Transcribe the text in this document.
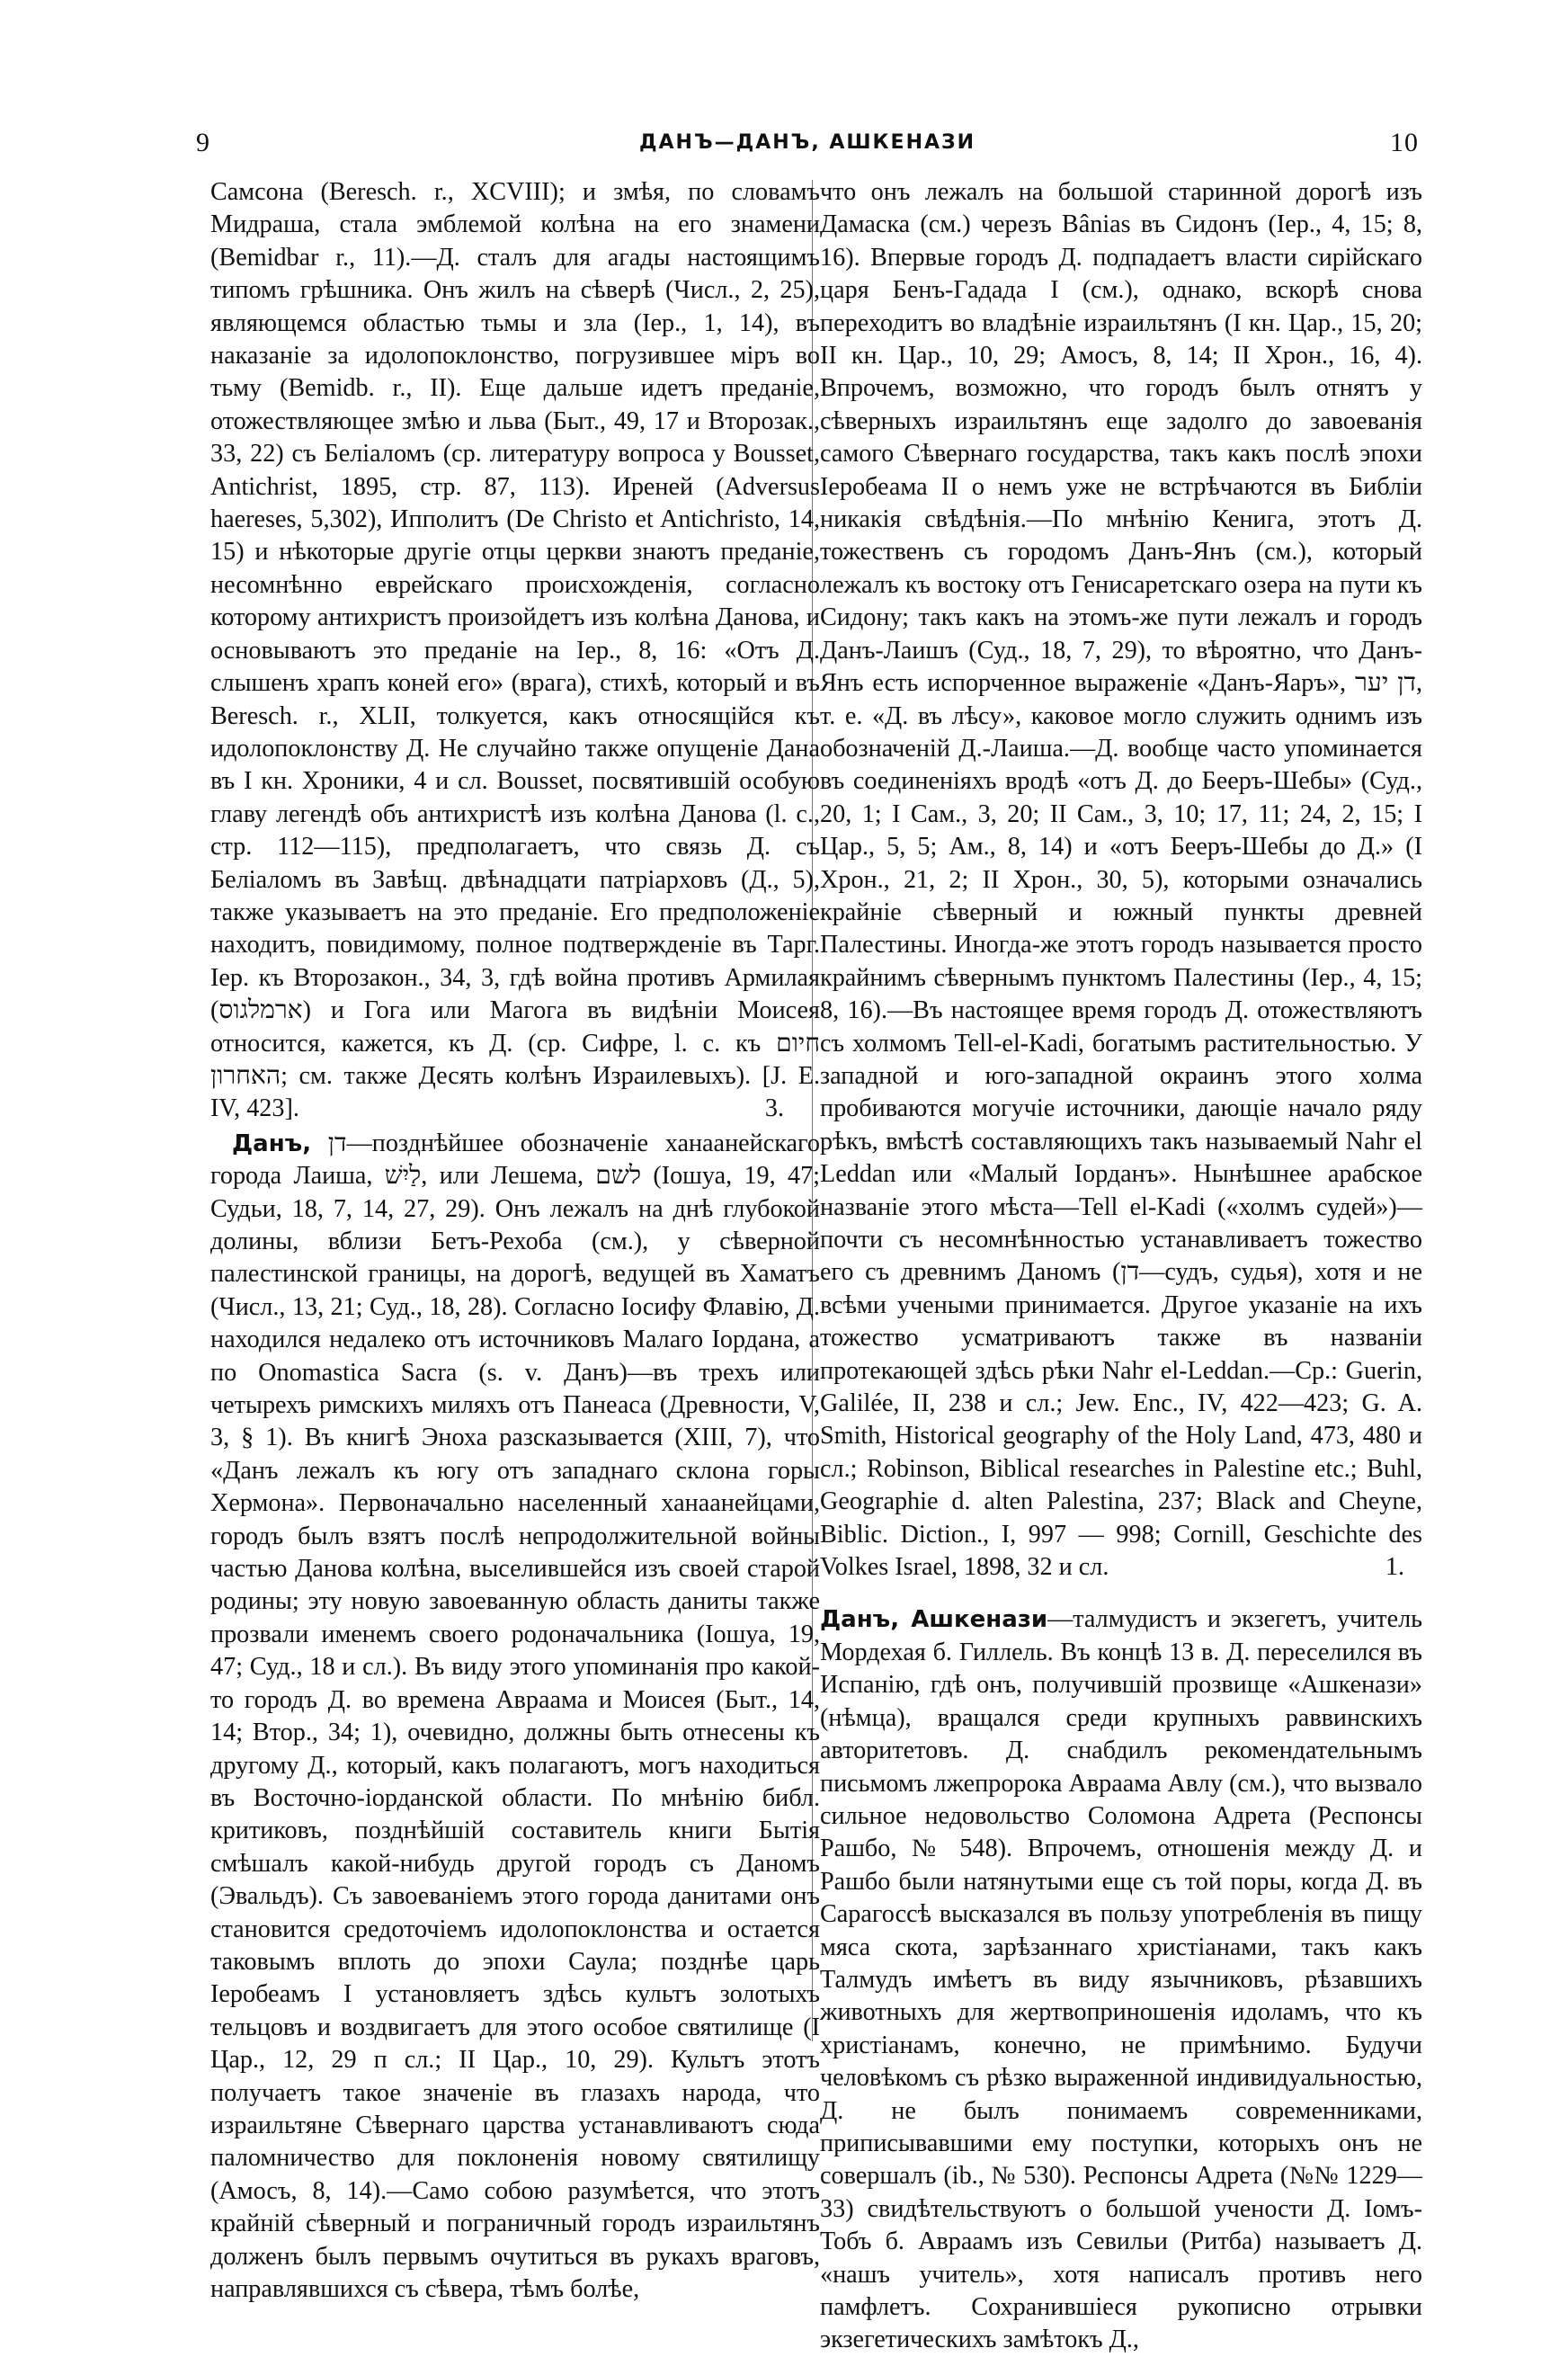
9	ДАНЪ—ДАНЪ, АШКЕНАЗИ	10

Самсона (Beresch. r., XCVIII); и змѣя, по словамъ Мидраша, стала эмблемой колѣна на его знамени (Bemidbar r., 11).—Д. сталъ для агады настоящимъ типомъ грѣшника. Онъ жилъ на сѣверѣ (Числ., 2, 25), являющемся областью тьмы и зла (Іер., 1, 14), въ наказаніе за идолопоклонство, погрузившее міръ во тьму (Bemidb. r., II). Еще дальше идетъ преданіе, отожествляющее змѣю и льва (Быт., 49, 17 и Второзак., 33, 22) съ Беліаломъ (ср. литературу вопроса у Bousset, Antichrist, 1895, стр. 87, 113). Иреней (Adversus haereses, 5,302), Ипполитъ (De Christo et Antichristo, 14, 15) и нѣкоторые другіе отцы церкви знаютъ преданіе, несомнѣнно еврейскаго происхожденія, согласно которому антихристъ произойдетъ изъ колѣна Данова, и основываютъ это преданіе на Іер., 8, 16: «Отъ Д. слышенъ храпъ коней его» (врага), стихѣ, который и въ Beresch. r., XLII, толкуется, какъ относящійся къ идолопоклонству Д. Не случайно также опущеніе Дана въ I кн. Хроники, 4 и сл. Bousset, посвятившій особую главу легендѣ объ антихристѣ изъ колѣна Данова (l. c., стр. 112—115), предполагаетъ, что связь Д. съ Беліаломъ въ Завѣщ. двѣнадцати патріарховъ (Д., 5), также указываетъ на это преданіе. Его предположеніе находитъ, повидимому, полное подтвержденіе въ Тарг. Іер. къ Второзакон., 34, 3, гдѣ война противъ Армилая (ארמלגוס) и Гога или Магога въ видѣніи Моисея относится, кажется, къ Д. (ср. Сифре, l. c. къ חיום האחרון; см. также Десять колѣнъ Израилевыхъ). [J. E. IV, 423].	3.

Данъ, דן—позднѣйшее обозначеніе ханаанейскаго города Лаиша, לַיִשׁ, или Лешема, לשם (Іошуа, 19, 47; Судьи, 18, 7, 14, 27, 29). Онъ лежалъ на днѣ глубокой долины, вблизи Бетъ-Рехоба (см.), у сѣверной палестинской границы, на дорогѣ, ведущей въ Хаматъ (Числ., 13, 21; Суд., 18, 28). Согласно Іосифу Флавію, Д. находился недалеко отъ источниковъ Малаго Іордана, а по Onomastica Sacra (s. v. Данъ)—въ трехъ или четырехъ римскихъ миляхъ отъ Панеаса (Древности, V, 3, § 1). Въ книгѣ Эноха разсказывается (XIII, 7), что «Данъ лежалъ къ югу отъ западнаго склона горы Хермона». Первоначально населенный ханаанейцами, городъ былъ взятъ послѣ непродолжительной войны частью Данова колѣна, выселившейся изъ своей старой родины; эту новую завоеванную область даниты также прозвали именемъ своего родоначальника (Іошуа, 19, 47; Суд., 18 и сл.). Въ виду этого упоминанія про какой-то городъ Д. во времена Авраама и Моисея (Быт., 14, 14; Втор., 34; 1), очевидно, должны быть отнесены къ другому Д., который, какъ полагаютъ, могъ находиться въ Восточно-іорданской области. По мнѣнію библ. критиковъ, позднѣйшій составитель книги Бытія смѣшалъ какой-нибудь другой городъ съ Даномъ (Эвальдъ). Съ завоеваніемъ этого города данитами онъ становится средоточіемъ идолопоклонства и остается таковымъ вплоть до эпохи Саула; позднѣе царь Іеробеамъ I установляетъ здѣсь культъ золотыхъ тельцовъ и воздвигаетъ для этого особое святилище (I Цар., 12, 29 п сл.; II Цар., 10, 29). Культъ этотъ получаетъ такое значеніе въ глазахъ народа, что израильтяне Сѣвернаго царства устанавливаютъ сюда паломничество для поклоненія новому святилищу (Амосъ, 8, 14).—Само собою разумѣется, что этотъ крайній сѣверный и пограничный городъ израильтянъ долженъ былъ первымъ очутиться въ рукахъ враговъ, направлявшихся съ сѣвера, тѣмъ болѣе,

что онъ лежалъ на большой старинной дорогѣ изъ Дамаска (см.) черезъ Bânias въ Сидонъ (Іер., 4, 15; 8, 16). Впервые городъ Д. подпадаетъ власти сирійскаго царя Бенъ-Гадада I (см.), однако, вскорѣ снова переходитъ во владѣніе израильтянъ (I кн. Цар., 15, 20; II кн. Цар., 10, 29; Амосъ, 8, 14; II Хрон., 16, 4). Впрочемъ, возможно, что городъ былъ отнятъ у сѣверныхъ израильтянъ еще задолго до завоеванія самого Сѣвернаго государства, такъ какъ послѣ эпохи Іеробеама II о немъ уже не встрѣчаются въ Библіи никакія свѣдѣнія.—По мнѣнію Кенига, этотъ Д. тожественъ съ городомъ Данъ-Янъ (см.), который лежалъ къ востоку отъ Генисаретскаго озера на пути къ Сидону; такъ какъ на этомъ-же пути лежалъ и городъ Данъ-Лаишъ (Суд., 18, 7, 29), то вѣроятно, что Данъ-Янъ есть испорченное выраженіе «Данъ-Яаръ», דן יער, т. е. «Д. въ лѣсу», каковое могло служить однимъ изъ обозначеній Д.-Лаиша.—Д. вообще часто упоминается въ соединеніяхъ вродѣ «отъ Д. до Бееръ-Шебы» (Суд., 20, 1; I Сам., 3, 20; II Сам., 3, 10; 17, 11; 24, 2, 15; I Цар., 5, 5; Ам., 8, 14) и «отъ Бееръ-Шебы до Д.» (I Хрон., 21, 2; II Хрон., 30, 5), которыми означались крайніе сѣверный и южный пункты древней Палестины. Иногда-же этотъ городъ называется просто крайнимъ сѣвернымъ пунктомъ Палестины (Іер., 4, 15; 8, 16).—Въ настоящее время городъ Д. отожествляютъ съ холмомъ Tell-el-Kadi, богатымъ растительностью. У западной и юго-западной окраинъ этого холма пробиваются могучіе источники, дающіе начало ряду рѣкъ, вмѣстѣ составляющихъ такъ называемый Nahr el Leddan или «Малый Іорданъ». Нынѣшнее арабское названіе этого мѣста—Tell el-Kadi («холмъ судей»)—почти съ несомнѣнностью устанавливаетъ тожество его съ древнимъ Даномъ (דן—судъ, судья), хотя и не всѣми учеными принимается. Другое указаніе на ихъ тожество усматриваютъ также въ названіи протекающей здѣсь рѣки Nahr el-Leddan.—Cp.: Guerin, Galilée, II, 238 и сл.; Jew. Enc., IV, 422—423; G. A. Smith, Historical geography of the Holy Land, 473, 480 и сл.; Robinson, Biblical researches in Palestine etc.; Buhl, Geographie d. alten Palestina, 237; Black and Cheyne, Biblic. Diction., I, 997 — 998; Cornill, Geschichte des Volkes Israel, 1898, 32 и сл.	1.

Данъ, Ашкенази—талмудистъ и экзегетъ, учитель Мордехая б. Гиллель. Въ концѣ 13 в. Д. переселился въ Испанію, гдѣ онъ, получившій прозвище «Ашкенази» (нѣмца), вращался среди крупныхъ раввинскихъ авторитетовъ. Д. снабдилъ рекомендательнымъ письмомъ лжепророка Авраама Авлу (см.), что вызвало сильное недовольство Соломона Адрета (Респонсы Рашбо, № 548). Впрочемъ, отношенія между Д. и Рашбо были натянутыми еще съ той поры, когда Д. въ Сарагоссѣ высказался въ пользу употребленія въ пищу мяса скота, зарѣзаннаго христіанами, такъ какъ Талмудъ имѣетъ въ виду язычниковъ, рѣзавшихъ животныхъ для жертвоприношенія идоламъ, что къ христіанамъ, конечно, не примѣнимо. Будучи человѣкомъ съ рѣзко выраженной индивидуальностью, Д. не былъ понимаемъ современниками, приписывавшими ему поступки, которыхъ онъ не совершалъ (ib., № 530). Респонсы Адрета (№№ 1229—33) свидѣтельствуютъ о большой учености Д. Іомъ-Тобъ б. Авраамъ изъ Севильи (Ритба) называетъ Д. «нашъ учитель», хотя написалъ противъ него памфлетъ. Сохранившіеся рукописно отрывки экзегетическихъ замѣтокъ Д.,
